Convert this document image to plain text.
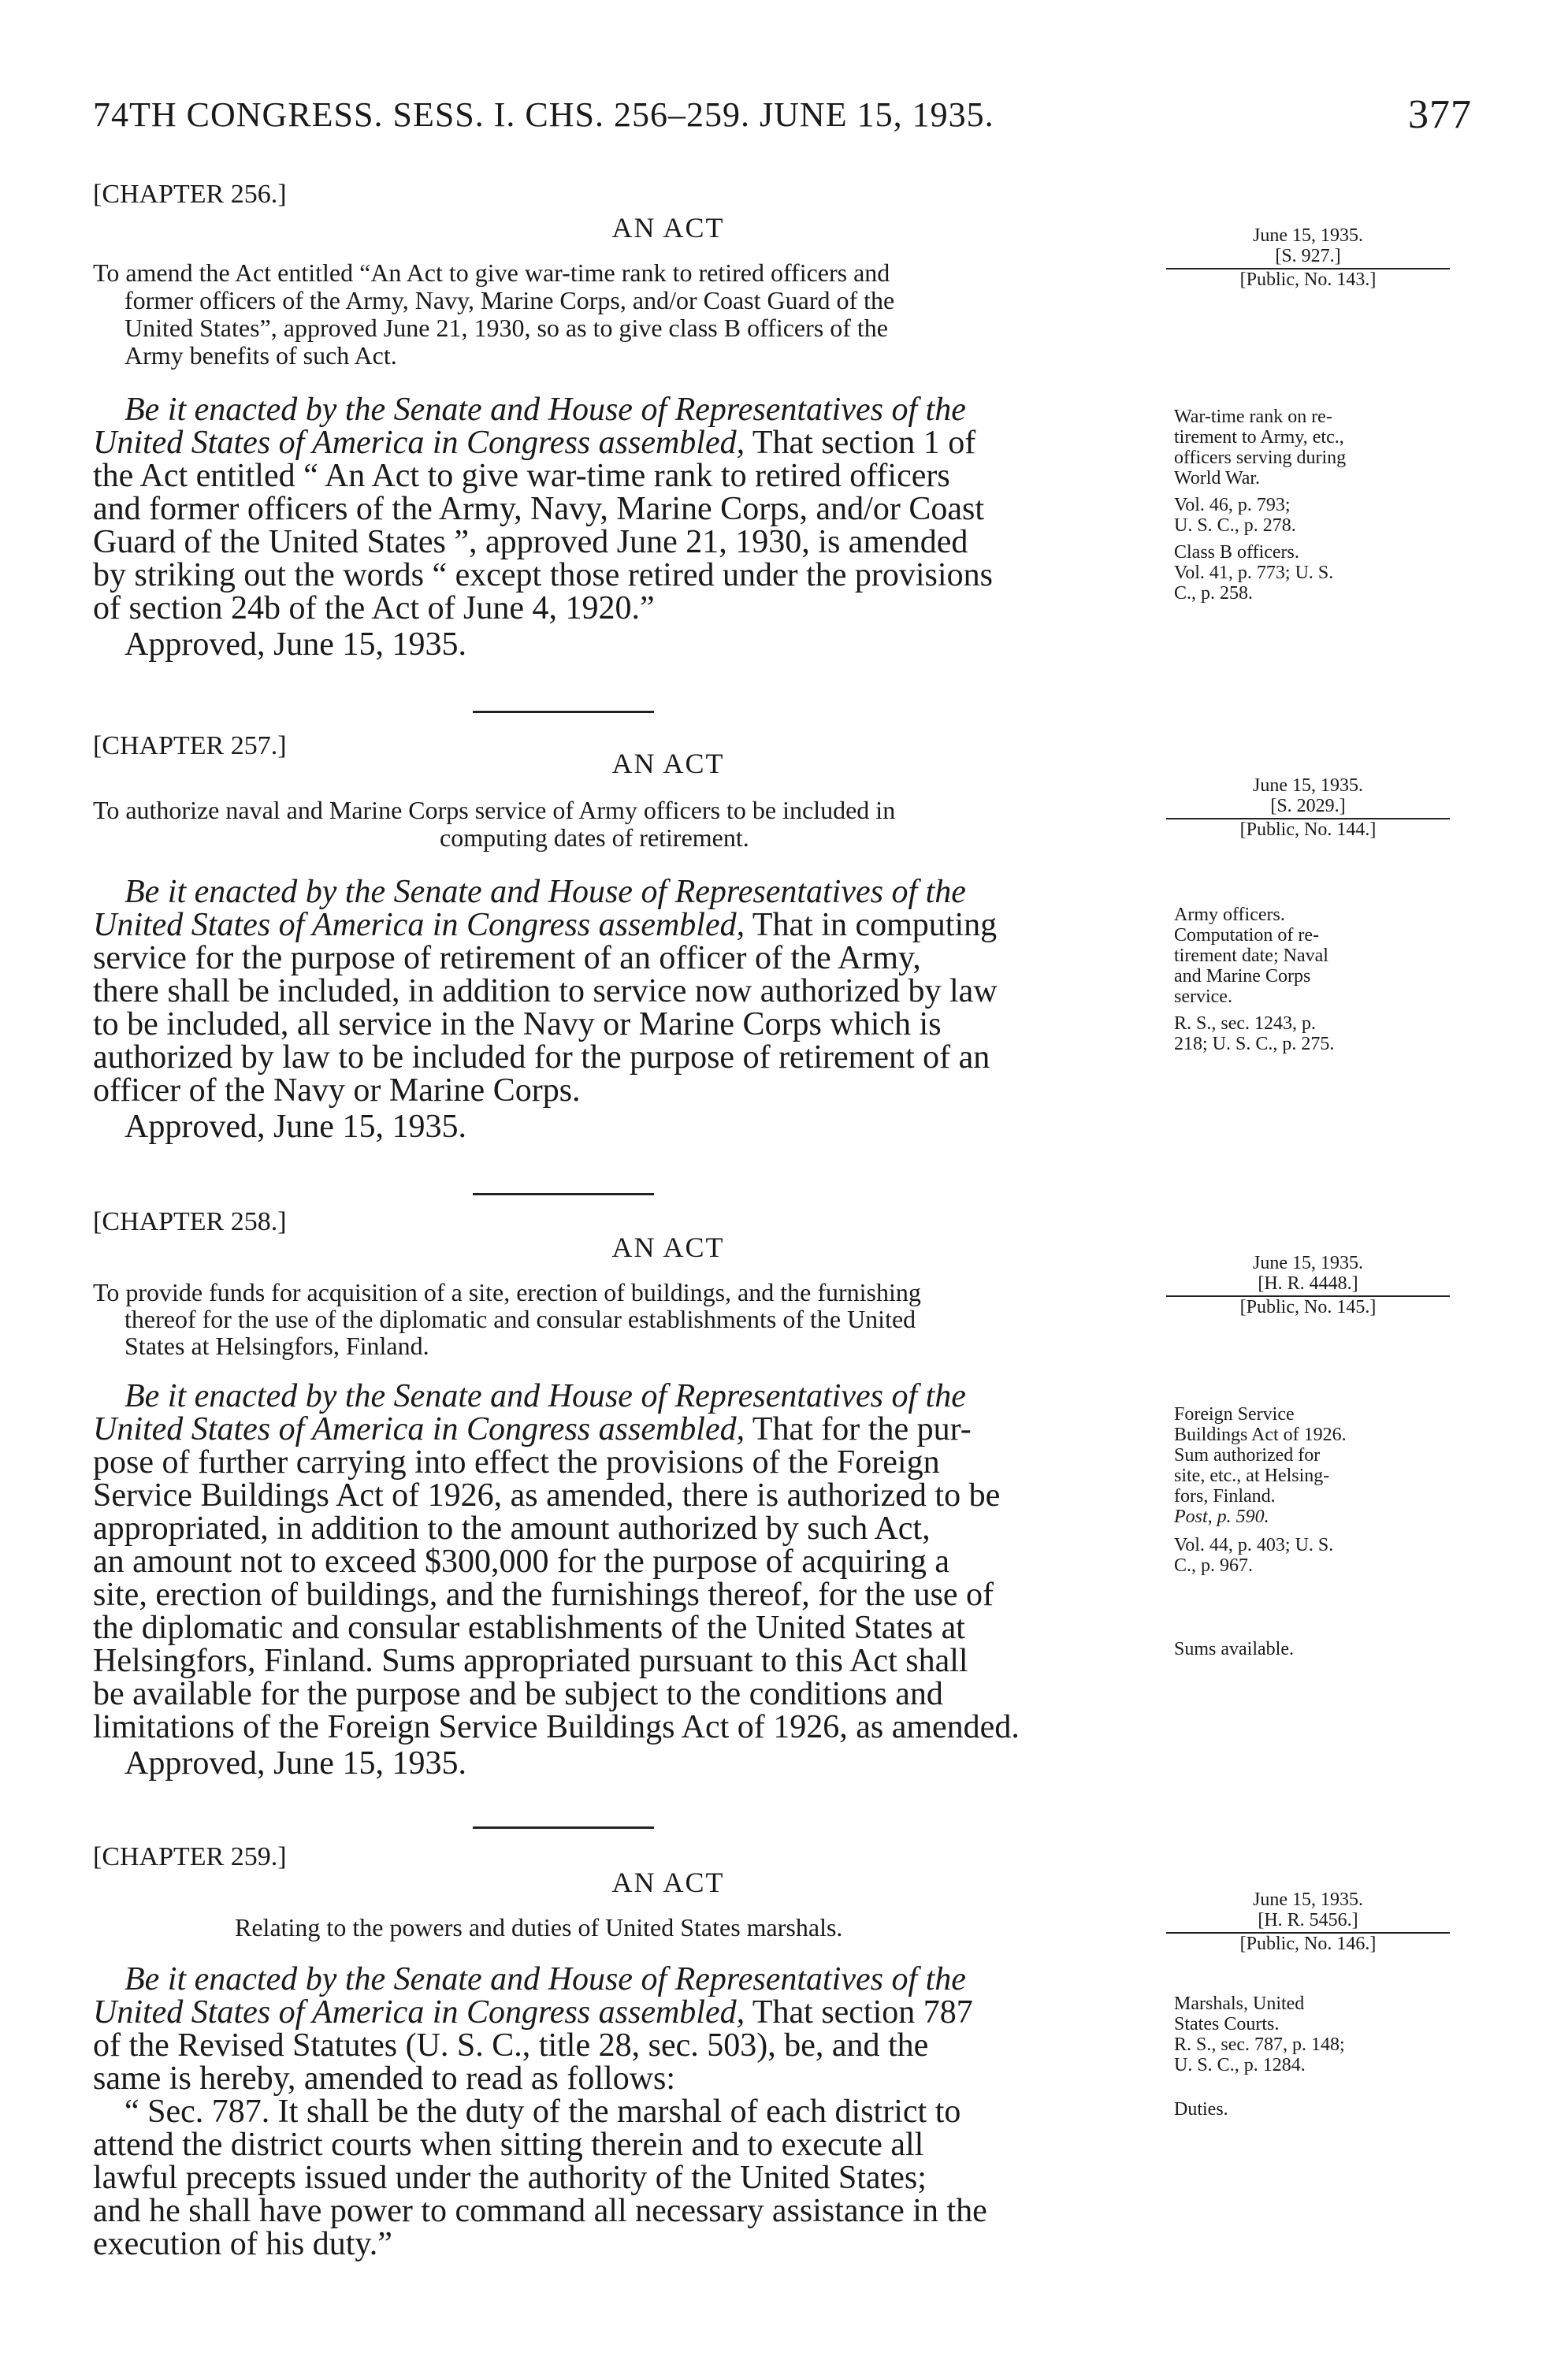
74TH CONGRESS. SESS. I. CHS. 256–259. JUNE 15, 1935.	377
[CHAPTER 256.]
AN ACT
To amend the Act entitled “An Act to give war-time rank to retired officers and
former officers of the Army, Navy, Marine Corps, and/or Coast Guard of the
United States”, approved June 21, 1930, so as to give class B officers of the
Army benefits of such Act.
Be it enacted by the Senate and House of Representatives of the
United States of America in Congress assembled, That section 1 of
the Act entitled “ An Act to give war-time rank to retired officers
and former officers of the Army, Navy, Marine Corps, and/or Coast
Guard of the United States ”, approved June 21, 1930, is amended
by striking out the words “ except those retired under the provisions
of section 24b of the Act of June 4, 1920.”
Approved, June 15, 1935.
June 15, 1935.
[S. 927.]
[Public, No. 143.]
War-time rank on re-
tirement to Army, etc.,
officers serving during
World War.
Vol. 46, p. 793;
U. S. C., p. 278.
Class B officers.
Vol. 41, p. 773; U. S.
C., p. 258.
[CHAPTER 257.]
AN ACT
To authorize naval and Marine Corps service of Army officers to be included in
computing dates of retirement.
Be it enacted by the Senate and House of Representatives of the
United States of America in Congress assembled, That in computing
service for the purpose of retirement of an officer of the Army,
there shall be included, in addition to service now authorized by law
to be included, all service in the Navy or Marine Corps which is
authorized by law to be included for the purpose of retirement of an
officer of the Navy or Marine Corps.
Approved, June 15, 1935.
June 15, 1935.
[S. 2029.]
[Public, No. 144.]
Army officers.
Computation of re-
tirement date; Naval
and Marine Corps
service.
R. S., sec. 1243, p.
218; U. S. C., p. 275.
[CHAPTER 258.]
AN ACT
To provide funds for acquisition of a site, erection of buildings, and the furnishing
thereof for the use of the diplomatic and consular establishments of the United
States at Helsingfors, Finland.
Be it enacted by the Senate and House of Representatives of the
United States of America in Congress assembled, That for the pur-
pose of further carrying into effect the provisions of the Foreign
Service Buildings Act of 1926, as amended, there is authorized to be
appropriated, in addition to the amount authorized by such Act,
an amount not to exceed $300,000 for the purpose of acquiring a
site, erection of buildings, and the furnishings thereof, for the use of
the diplomatic and consular establishments of the United States at
Helsingfors, Finland. Sums appropriated pursuant to this Act shall
be available for the purpose and be subject to the conditions and
limitations of the Foreign Service Buildings Act of 1926, as amended.
Approved, June 15, 1935.
June 15, 1935.
[H. R. 4448.]
[Public, No. 145.]
Foreign Service
Buildings Act of 1926.
Sum authorized for
site, etc., at Helsing-
fors, Finland.
Post, p. 590.
Vol. 44, p. 403; U. S.
C., p. 967.
Sums available.
[CHAPTER 259.]
AN ACT
Relating to the powers and duties of United States marshals.
Be it enacted by the Senate and House of Representatives of the
United States of America in Congress assembled, That section 787
of the Revised Statutes (U. S. C., title 28, sec. 503), be, and the
same is hereby, amended to read as follows:
“ Sec. 787. It shall be the duty of the marshal of each district to
attend the district courts when sitting therein and to execute all
lawful precepts issued under the authority of the United States;
and he shall have power to command all necessary assistance in the
execution of his duty.”
June 15, 1935.
[H. R. 5456.]
[Public, No. 146.]
Marshals, United
States Courts.
R. S., sec. 787, p. 148;
U. S. C., p. 1284.
Duties.
